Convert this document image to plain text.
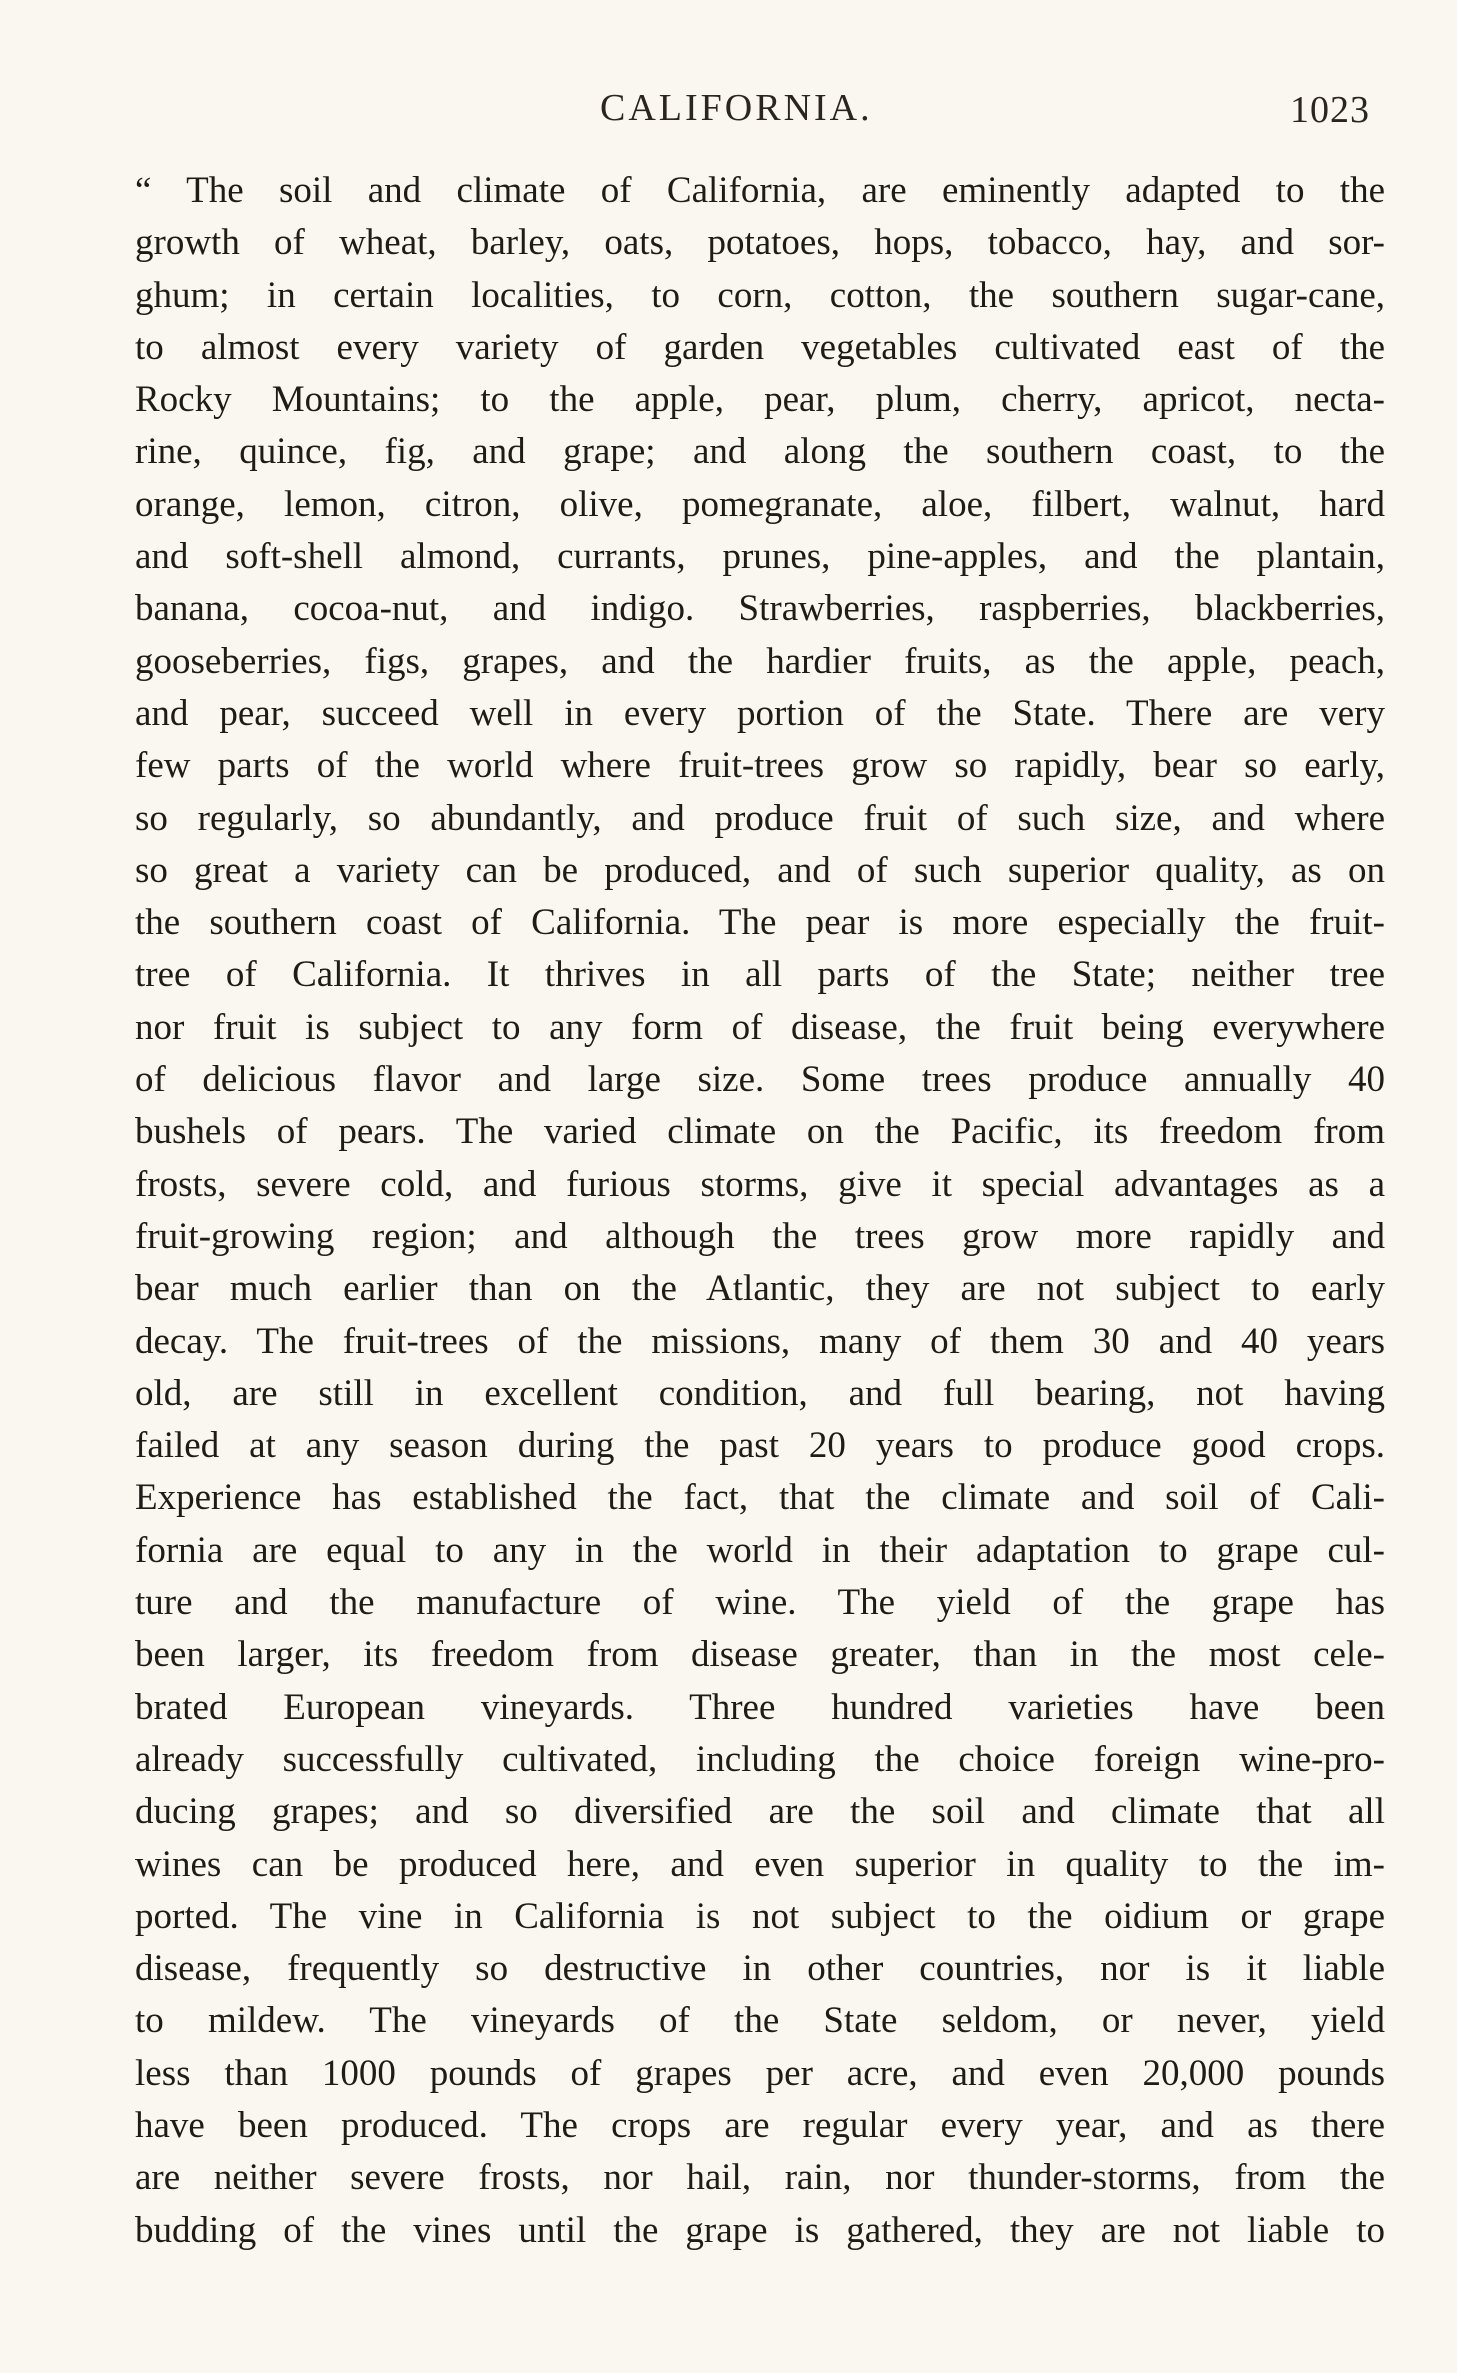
CALIFORNIA.	1023
“ The soil and climate of California, are eminently adapted to the
growth of wheat, barley, oats, potatoes, hops, tobacco, hay, and sor-
ghum; in certain localities, to corn, cotton, the southern sugar-cane,
to almost every variety of garden vegetables cultivated east of the
Rocky Mountains; to the apple, pear, plum, cherry, apricot, necta-
rine, quince, fig, and grape; and along the southern coast, to the
orange, lemon, citron, olive, pomegranate, aloe, filbert, walnut, hard
and soft-shell almond, currants, prunes, pine-apples, and the plantain,
banana, cocoa-nut, and indigo. Strawberries, raspberries, blackberries,
gooseberries, figs, grapes, and the hardier fruits, as the apple, peach,
and pear, succeed well in every portion of the State. There are very
few parts of the world where fruit-trees grow so rapidly, bear so early,
so regularly, so abundantly, and produce fruit of such size, and where
so great a variety can be produced, and of such superior quality, as on
the southern coast of California. The pear is more especially the fruit-
tree of California. It thrives in all parts of the State; neither tree
nor fruit is subject to any form of disease, the fruit being everywhere
of delicious flavor and large size. Some trees produce annually 40
bushels of pears. The varied climate on the Pacific, its freedom from
frosts, severe cold, and furious storms, give it special advantages as a
fruit-growing region; and although the trees grow more rapidly and
bear much earlier than on the Atlantic, they are not subject to early
decay. The fruit-trees of the missions, many of them 30 and 40 years
old, are still in excellent condition, and full bearing, not having
failed at any season during the past 20 years to produce good crops.
Experience has established the fact, that the climate and soil of Cali-
fornia are equal to any in the world in their adaptation to grape cul-
ture and the manufacture of wine. The yield of the grape has
been larger, its freedom from disease greater, than in the most cele-
brated European vineyards. Three hundred varieties have been
already successfully cultivated, including the choice foreign wine-pro-
ducing grapes; and so diversified are the soil and climate that all
wines can be produced here, and even superior in quality to the im-
ported. The vine in California is not subject to the oidium or grape
disease, frequently so destructive in other countries, nor is it liable
to mildew. The vineyards of the State seldom, or never, yield
less than 1000 pounds of grapes per acre, and even 20,000 pounds
have been produced. The crops are regular every year, and as there
are neither severe frosts, nor hail, rain, nor thunder-storms, from the
budding of the vines until the grape is gathered, they are not liable to
